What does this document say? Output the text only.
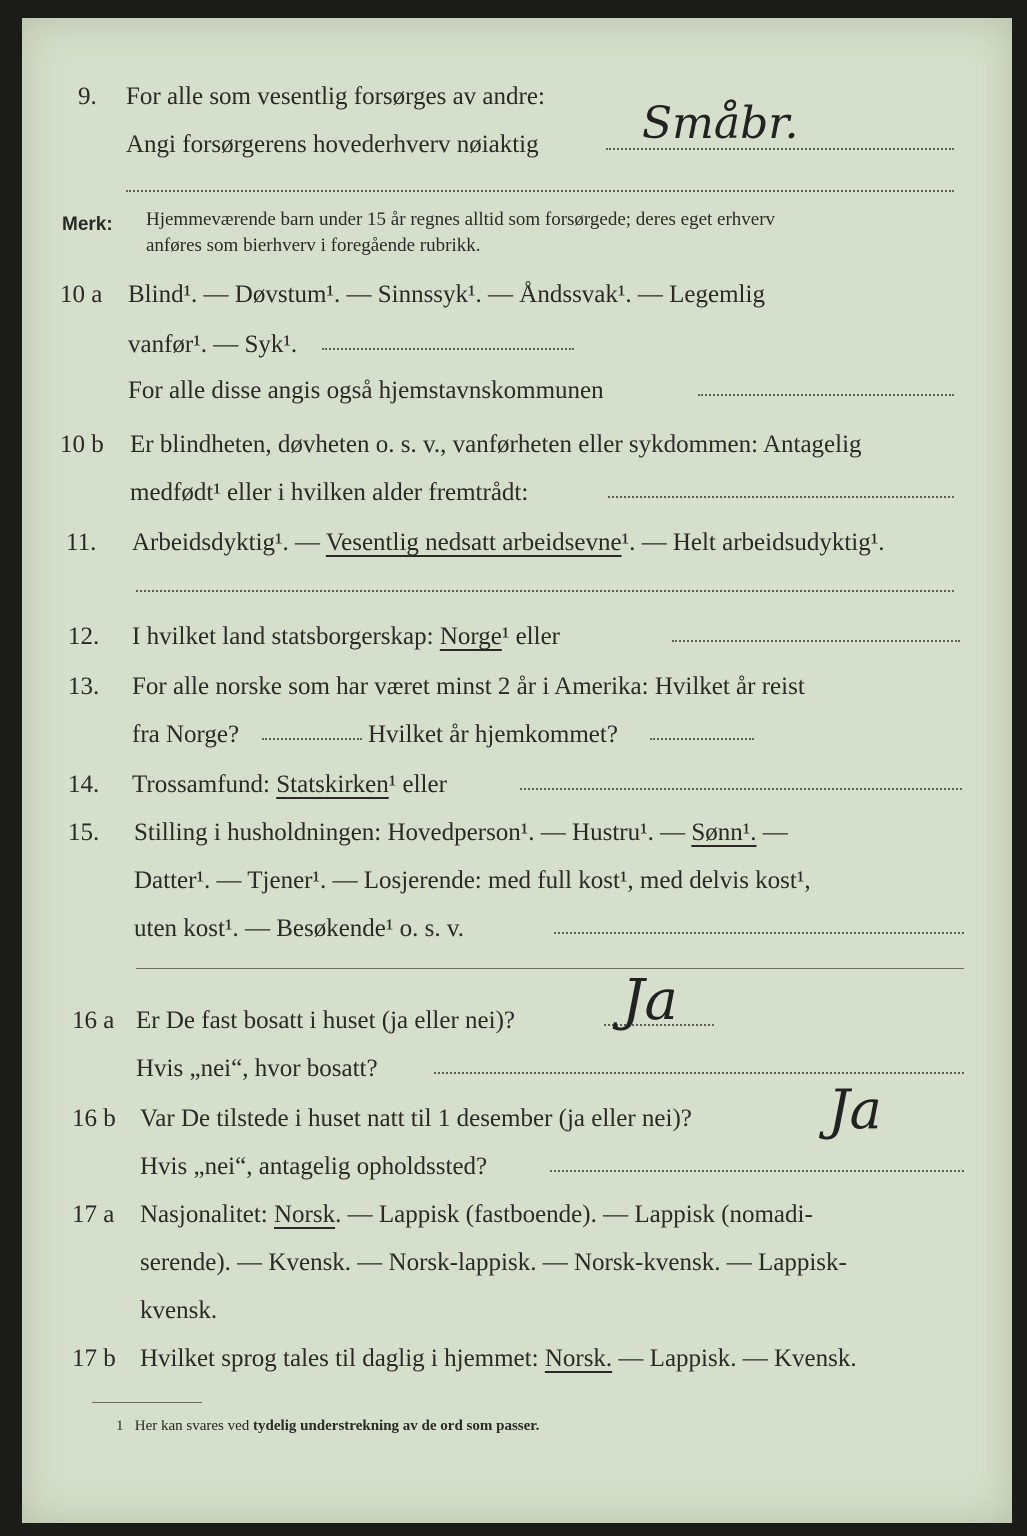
9. For alle som vesentlig forsørges av andre:
Angi forsørgerens hovederhverv nøiaktig Småbr.
Merk: Hjemmeværende barn under 15 år regnes alltid som forsørgede; deres eget erhverv
anføres som bierhverv i foregående rubrikk.
10 a Blind¹. — Døvstum¹. — Sinnssyk¹. — Åndssvak¹. — Legemlig
vanfør¹. — Syk¹.
For alle disse angis også hjemstavnskommunen
10 b Er blindheten, døvheten o. s. v., vanførheten eller sykdommen: Antagelig
medfødt¹ eller i hvilken alder fremtrådt:
11. Arbeidsdyktig¹. — Vesentlig nedsatt arbeidsevne¹. — Helt arbeidsudyktig¹.
12. I hvilket land statsborgerskap: Norge¹ eller
13. For alle norske som har været minst 2 år i Amerika: Hvilket år reist
fra Norge?	Hvilket år hjemkommet?
14. Trossamfund: Statskirken¹ eller
15. Stilling i husholdningen: Hovedperson¹. — Hustru¹. — Sønn¹. —
Datter¹. — Tjener¹. — Losjerende: med full kost¹, med delvis kost¹,
uten kost¹. — Besøkende¹ o. s. v.
16 a Er De fast bosatt i huset (ja eller nei)? Ja
Hvis „nei“, hvor bosatt?
16 b Var De tilstede i huset natt til 1 desember (ja eller nei)?	Ja
Hvis „nei“, antagelig opholdssted?
17 a Nasjonalitet: Norsk. — Lappisk (fastboende). — Lappisk (nomadi-
serende). — Kvensk. — Norsk-lappisk. — Norsk-kvensk. — Lappisk-
kvensk.
17 b Hvilket sprog tales til daglig i hjemmet: Norsk. — Lappisk. — Kvensk.
1 Her kan svares ved tydelig understrekning av de ord som passer.
